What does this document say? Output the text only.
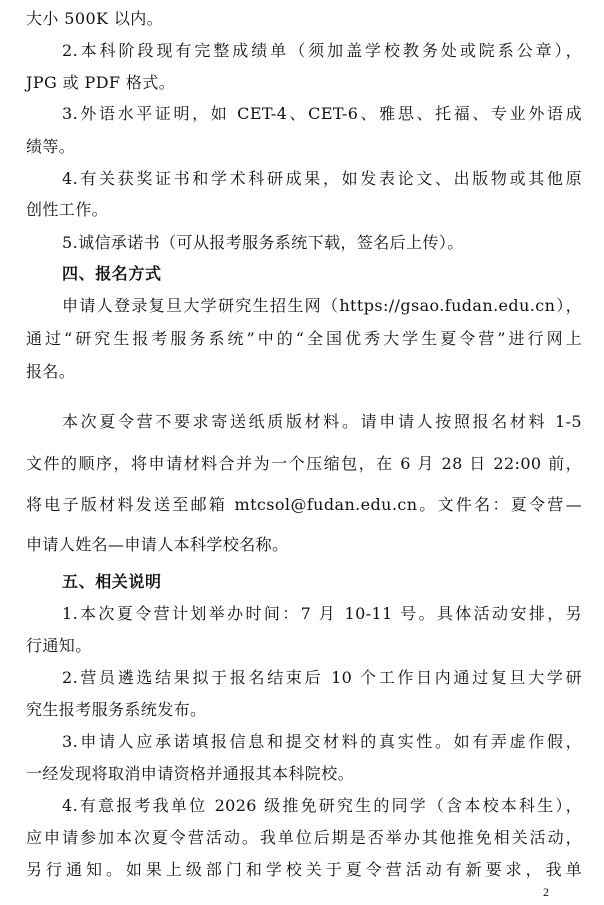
大小 500K 以内。
2.本科阶段现有完整成绩单（须加盖学校教务处或院系公章），
JPG 或 PDF 格式。
3.外语水平证明，如 CET-4、CET-6、雅思、托福、专业外语成
绩等。
4.有关获奖证书和学术科研成果，如发表论文、出版物或其他原
创性工作。
5.诚信承诺书（可从报考服务系统下载，签名后上传）。
四、报名方式
申请人登录复旦大学研究生招生网（https://gsao.fudan.edu.cn），
通过“研究生报考服务系统”中的“全国优秀大学生夏令营”进行网上
报名。
本次夏令营不要求寄送纸质版材料。请申请人按照报名材料 1-5
文件的顺序，将申请材料合并为一个压缩包，在 6 月 28 日 22:00 前，
将电子版材料发送至邮箱 mtcsol@fudan.edu.cn。文件名：夏令营—
申请人姓名—申请人本科学校名称。
五、相关说明
1.本次夏令营计划举办时间：7 月 10-11 号。具体活动安排，另
行通知。
2.营员遴选结果拟于报名结束后 10 个工作日内通过复旦大学研
究生报考服务系统发布。
3.申请人应承诺填报信息和提交材料的真实性。如有弄虚作假，
一经发现将取消申请资格并通报其本科院校。
4.有意报考我单位 2026 级推免研究生的同学（含本校本科生），
应申请参加本次夏令营活动。我单位后期是否举办其他推免相关活动，
另行通知。如果上级部门和学校关于夏令营活动有新要求，我单
2
